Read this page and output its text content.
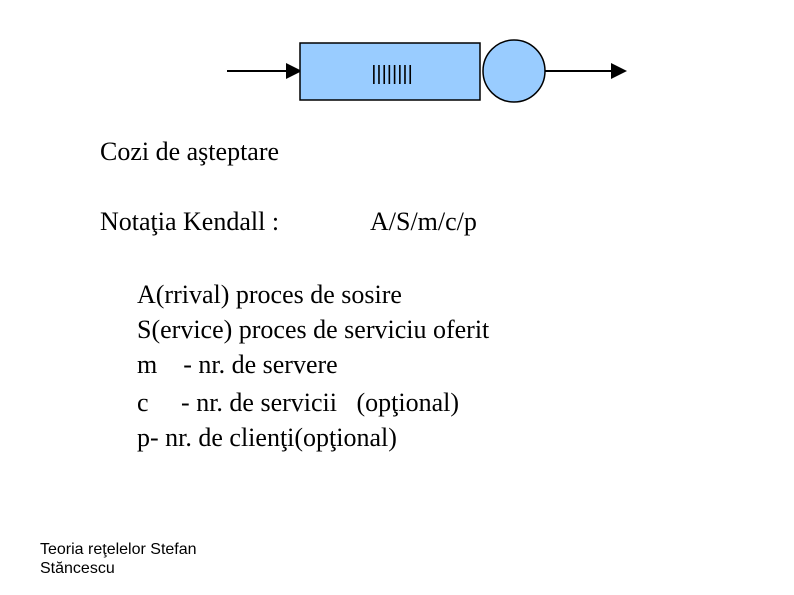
||||||||
Cozi de aşteptare
Notaţia Kendall :	A/S/m/c/p
A(rrival) proces de sosire
S(ervice) proces de serviciu oferit
m    - nr. de servere
c     - nr. de servicii   (opţional)
p- nr. de clienţi(opţional)
Teoria reţelelor Stefan
Stăncescu
